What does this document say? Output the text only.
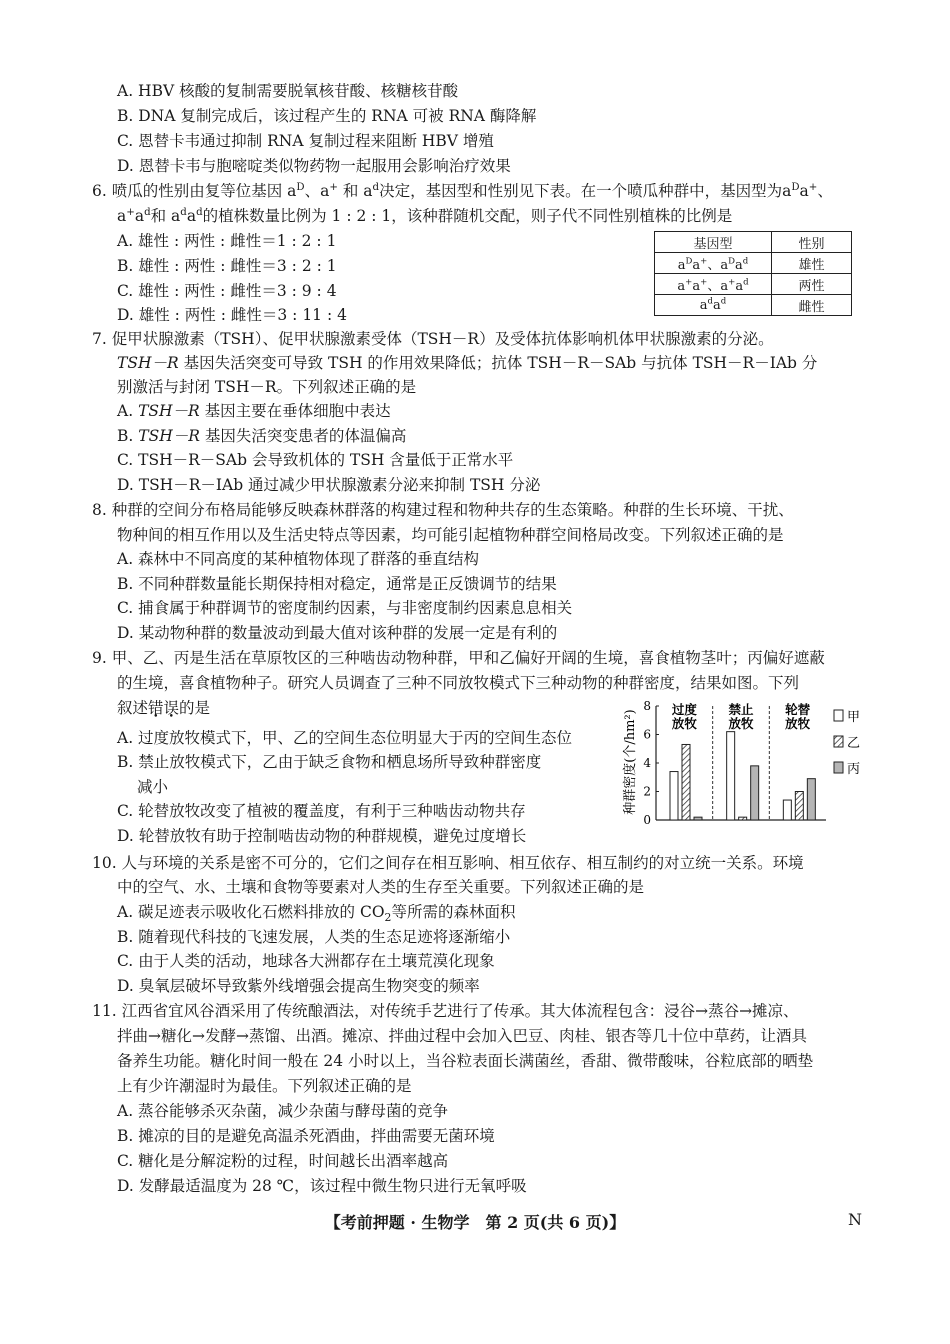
A. HBV 核酸的复制需要脱氧核苷酸、核糖核苷酸
B. DNA 复制完成后，该过程产生的 RNA 可被 RNA 酶降解
C. 恩替卡韦通过抑制 RNA 复制过程来阻断 HBV 增殖
D. 恩替卡韦与胞嘧啶类似物药物一起服用会影响治疗效果
6. 喷瓜的性别由复等位基因 $a^D$、a+ 和 $a^d$决定，基因型和性别见下表。在一个喷瓜种群中，基因型为$a^Da^+$、
$a^+a^d$和 $a^da^d$的植株数量比例为 1 : 2 : 1，该种群随机交配，则子代不同性别植株的比例是
A. 雄性 : 两性 : 雌性＝1 : 2 : 1
B. 雄性 : 两性 : 雌性＝3 : 2 : 1
C. 雄性 : 两性 : 雌性＝3 : 9 : 4
D. 雄性 : 两性 : 雌性＝3 : 11 : 4
基因型	性别
$a^Da^+$、$a^Da^d$	雄性
a+a+、$a^+a^d$	两性
$a^da^d$	雌性
7. 促甲状腺激素（TSH）、促甲状腺激素受体（TSH－R）及受体抗体影响机体甲状腺激素的分泌。
TSH－R 基因失活突变可导致 TSH 的作用效果降低；抗体 TSH－R－SAb 与抗体 TSH－R－IAb 分
别激活与封闭 TSH－R。下列叙述正确的是
A. TSH－R 基因主要在垂体细胞中表达
B. TSH－R 基因失活突变患者的体温偏高
C. TSH－R－SAb 会导致机体的 TSH 含量低于正常水平
D. TSH－R－IAb 通过减少甲状腺激素分泌来抑制 TSH 分泌
8. 种群的空间分布格局能够反映森林群落的构建过程和物种共存的生态策略。种群的生长环境、干扰、
物种间的相互作用以及生活史特点等因素，均可能引起植物种群空间格局改变。下列叙述正确的是
A. 森林中不同高度的某种植物体现了群落的垂直结构
B. 不同种群数量能长期保持相对稳定，通常是正反馈调节的结果
C. 捕食属于种群调节的密度制约因素，与非密度制约因素息息相关
D. 某动物种群的数量波动到最大值对该种群的发展一定是有利的
9. 甲、乙、丙是生活在草原牧区的三种啮齿动物种群，甲和乙偏好开阔的生境，喜食植物茎叶；丙偏好遮蔽
的生境，喜食植物种子。研究人员调查了三种不同放牧模式下三种动物的种群密度，结果如图。下列
叙述错误的是
A. 过度放牧模式下，甲、乙的空间生态位明显大于丙的空间生态位
B. 禁止放牧模式下，乙由于缺乏食物和栖息场所导致种群密度
减小
C. 轮替放牧改变了植被的覆盖度，有利于三种啮齿动物共存
D. 轮替放牧有助于控制啮齿动物的种群规模，避免过度增长
种群密度(个/hm²)
0
2
4
6
8 过度
放牧
禁止
放牧
轮替
放牧	甲
乙
丙
10. 人与环境的关系是密不可分的，它们之间存在相互影响、相互依存、相互制约的对立统一关系。环境
中的空气、水、土壤和食物等要素对人类的生存至关重要。下列叙述正确的是
A. 碳足迹表示吸收化石燃料排放的 $CO_2$等所需的森林面积
B. 随着现代科技的飞速发展，人类的生态足迹将逐渐缩小
C. 由于人类的活动，地球各大洲都存在土壤荒漠化现象
D. 臭氧层破坏导致紫外线增强会提高生物突变的频率
11. 江西省宜风谷酒采用了传统酿酒法，对传统手艺进行了传承。其大体流程包含：浸谷→蒸谷→摊凉、
拌曲→糖化→发酵→蒸馏、出酒。摊凉、拌曲过程中会加入巴豆、肉桂、银杏等几十位中草药，让酒具
备养生功能。糖化时间一般在 24 小时以上，当谷粒表面长满菌丝，香甜、微带酸味，谷粒底部的晒垫
上有少许潮湿时为最佳。下列叙述正确的是
A. 蒸谷能够杀灭杂菌，减少杂菌与酵母菌的竞争
B. 摊凉的目的是避免高温杀死酒曲，拌曲需要无菌环境
C. 糖化是分解淀粉的过程，时间越长出酒率越高
D. 发酵最适温度为 28 ℃，该过程中微生物只进行无氧呼吸
【考前押题 · 生物学　第 2 页(共 6 页)】	N
